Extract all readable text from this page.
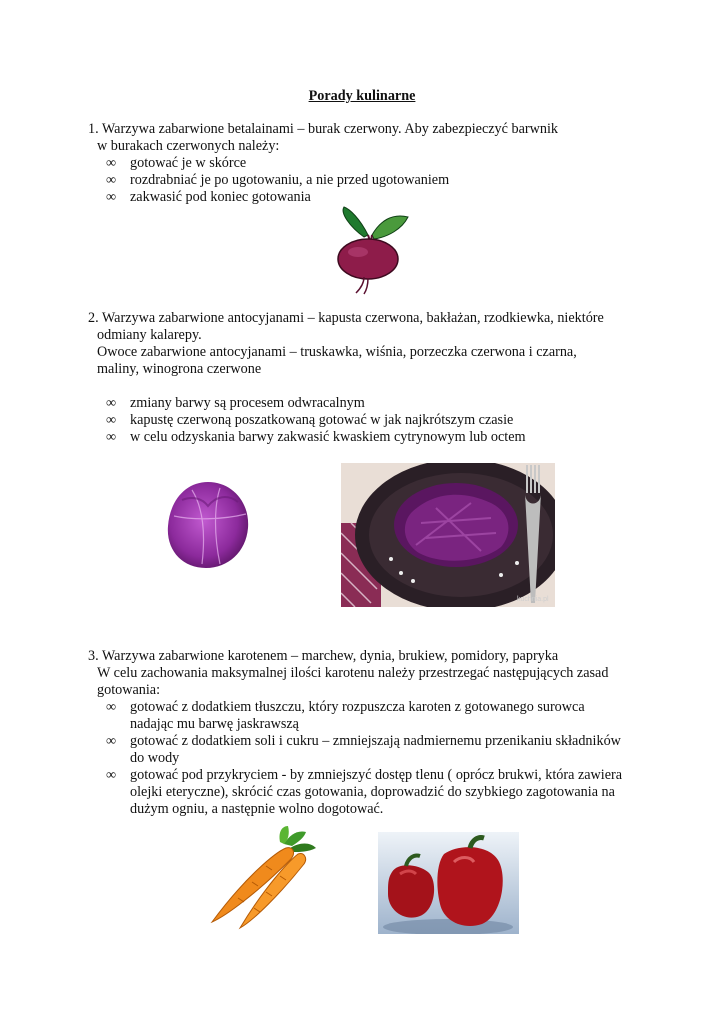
Porady kulinarne
1. Warzywa zabarwione betalainami – burak czerwony. Aby zabezpieczyć barwnik
w burakach czerwonych należy:
∞ gotować je w skórce
∞ rozdrabniać je po ugotowaniu, a nie przed ugotowaniem
∞ zakwasić pod koniec gotowania
2. Warzywa zabarwione antocyjanami – kapusta czerwona, bakłażan, rzodkiewka, niektóre
odmiany kalarepy.
Owoce zabarwione antocyjanami – truskawka, wiśnia, porzeczka czerwona i czarna,
maliny, winogrona czerwone
∞ zmiany barwy są procesem odwracalnym
∞ kapustę czerwoną poszatkowaną gotować w jak najkrótszym czasie
∞ w celu odzyskania barwy zakwasić kwaskiem cytrynowym lub octem
kuchnia.pl
3. Warzywa zabarwione karotenem – marchew, dynia, brukiew, pomidory, papryka
W celu zachowania maksymalnej ilości karotenu należy przestrzegać następujących zasad
gotowania:
∞ gotować z dodatkiem tłuszczu, który rozpuszcza karoten z gotowanego surowca
nadając mu barwę jaskrawszą
∞ gotować z dodatkiem soli i cukru – zmniejszają nadmiernemu przenikaniu składników
do wody
∞ gotować pod przykryciem - by zmniejszyć dostęp tlenu ( oprócz brukwi, która zawiera
olejki eteryczne), skrócić czas gotowania, doprowadzić do szybkiego zagotowania na
dużym ogniu, a następnie wolno dogotować.
